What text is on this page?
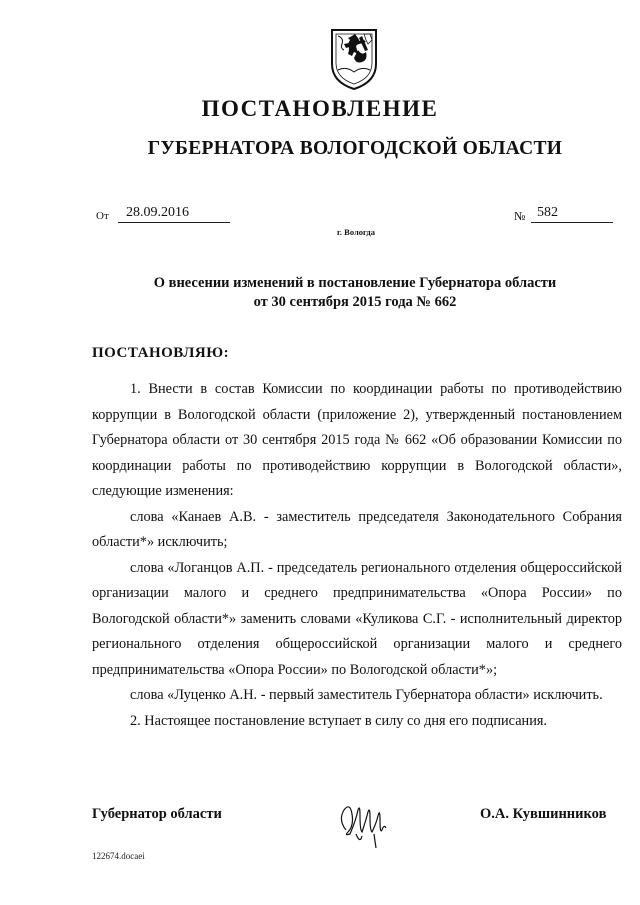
ПОСТАНОВЛЕНИЕ
ГУБЕРНАТОРА ВОЛОГОДСКОЙ ОБЛАСТИ
От	28.09.2016	№ 582
г. Вологда
О внесении изменений в постановление Губернатора области
от 30 сентября 2015 года № 662
ПОСТАНОВЛЯЮ:

1. Внести в состав Комиссии по координации работы по противодействию коррупции в Вологодской области (приложение 2), утвержденный постановлением Губернатора области от 30 сентября 2015 года № 662 «Об образовании Комиссии по координации работы по противодействию коррупции в Вологодской области», следующие изменения:

слова «Канаев А.В. - заместитель председателя Законодательного Собрания области*» исключить;

слова «Логанцов А.П. - председатель регионального отделения общероссийской организации малого и среднего предпринимательства «Опора России» по Вологодской области*» заменить словами «Куликова С.Г. - исполнительный директор регионального отделения общероссийской организации малого и среднего предпринимательства «Опора России» по Вологодской области*»;

слова «Луценко А.Н. - первый заместитель Губернатора области» исключить.

2. Настоящее постановление вступает в силу со дня его подписания.

Губернатор области	О.А. Кувшинников
122674.docaei
